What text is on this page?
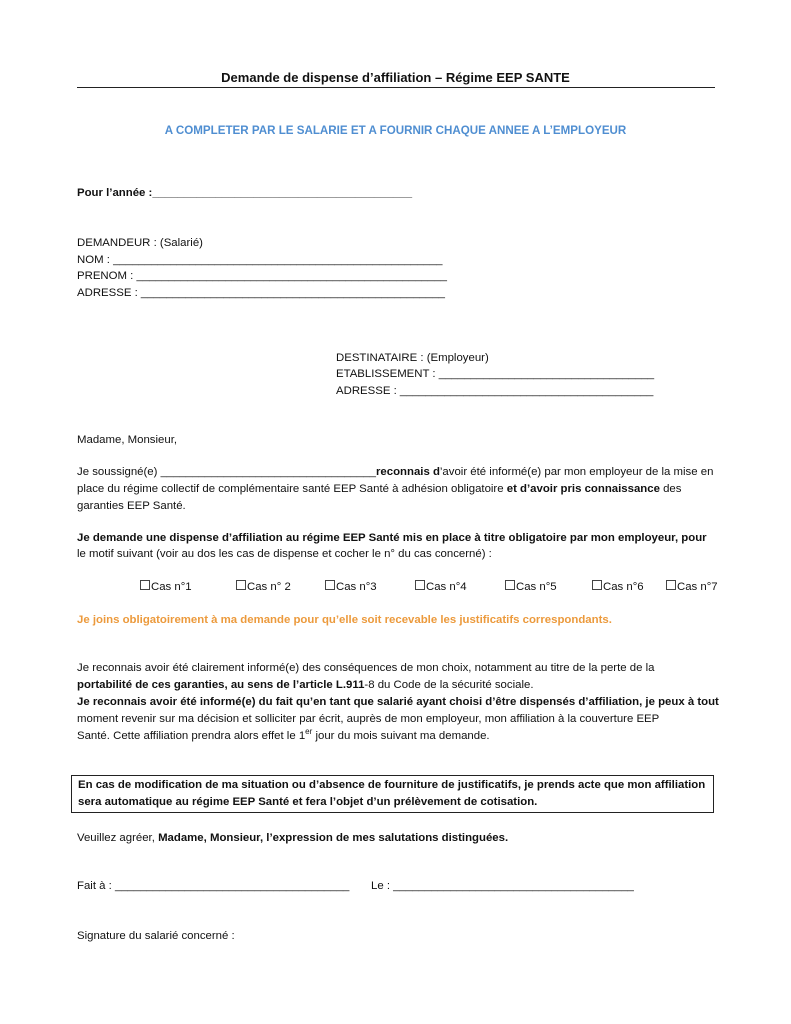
Demande de dispense d’affiliation – Régime EEP SANTE
A COMPLETER PAR LE SALARIE ET A FOURNIR CHAQUE ANNEE A L’EMPLOYEUR
Pour l’année :_________________________________________
DEMANDEUR : (Salarié)
NOM : ____________________________________________________
PRENOM : _________________________________________________
ADRESSE : ________________________________________________
DESTINATAIRE : (Employeur)
ETABLISSEMENT : __________________________________
ADRESSE : ________________________________________
Madame, Monsieur,
Je soussigné(e) __________________________________reconnais d’avoir été informé(e) par mon employeur de la mise en place du régime collectif de complémentaire santé EEP Santé à adhésion obligatoire et d’avoir pris connaissance des garanties EEP Santé.
Je demande une dispense d’affiliation au régime EEP Santé mis en place à titre obligatoire par mon employeur, pour
le motif suivant (voir au dos les cas de dispense et cocher le n° du cas concerné) :
Cas n°1	Cas n° 2	Cas n°3	Cas n°4	Cas n°5	Cas n°6	Cas n°7
Je joins obligatoirement à ma demande pour qu’elle soit recevable les justificatifs correspondants.
Je reconnais avoir été clairement informé(e) des conséquences de mon choix, notamment au titre de la perte de la
portabilité de ces garanties, au sens de l’article L.911-8 du Code de la sécurité sociale.
Je reconnais avoir été informé(e) du fait qu’en tant que salarié ayant choisi d’être dispensés d’affiliation, je peux à tout
moment revenir sur ma décision et solliciter par écrit, auprès de mon employeur, mon affiliation à la couverture EEP
Santé. Cette affiliation prendra alors effet le 1er jour du mois suivant ma demande.
En cas de modification de ma situation ou d’absence de fourniture de justificatifs, je prends acte que mon affiliation sera automatique au régime EEP Santé et fera l’objet d’un prélèvement de cotisation.
Veuillez agréer, Madame, Monsieur, l’expression de mes salutations distinguées.
Fait à : _____________________________________ Le : ______________________________________
Signature du salarié concerné :
